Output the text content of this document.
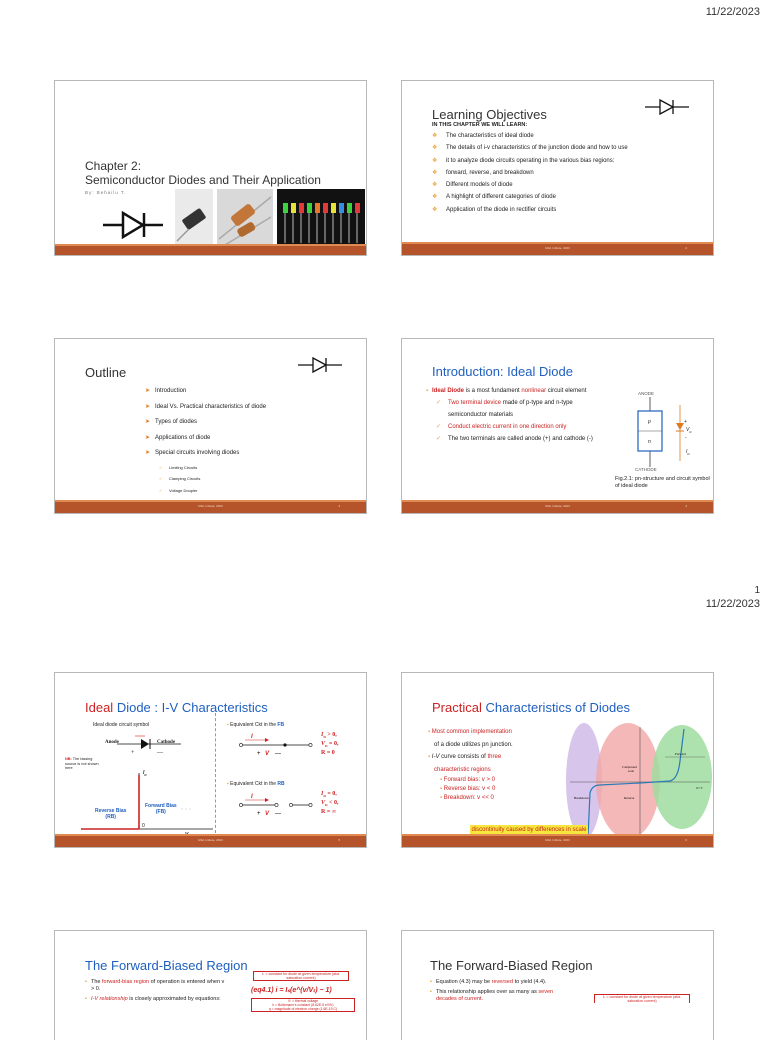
11/22/2023
1
11/22/2023
Chapter 2:
Semiconductor Diodes and Their Application
By: Behailu T.
Learning Objectives
IN THIS CHAPTER WE WILL LEARN:
❖ The characteristics of ideal diode
❖ The details of i-v characteristics of the junction diode and how to use
❖ it to analyze diode circuits operating in the various bias regions:
❖ forward, reverse, and breakdown
❖ Different models of diode
❖ A highlight of different categories of diode
❖ Application of the diode in rectifier circuits
Mtsl, Intitute, 2023	2
Outline
➤ Introduction
➤ Ideal Vs. Practical characteristics of diode
➤ Types of diodes
➤ Applications of diode
➤ Special circuits involving diodes
✓ Limiting Circuits
✓ Clamping Circuits
✓ Voltage Doupler
Mtsl, Intitute, 2023	3
Introduction: Ideal Diode
▪ Ideal Diode is a most fundament nonlinear circuit element
✓ Two terminal device made of p-type and n-type semiconductor materials
✓ Conduct electric current in one direction only
✓ The two terminals are called anode (+) and cathode (-)
ANODE
CATHODE
p
n
+
$V_D$
-
$I_D$
Fig.2.1: pn-structure and circuit symbol of ideal diode
Mtsl, Intitute, 2023	4
Ideal Diode : I-V Characteristics
Ideal diode circuit symbol
Anode	Cathode
+	—
NB: The biasing source is not shown here
$I_D$
0
Reverse Bias
(RB)
Forward Bias
(FB)
▪ Equivalent Ckt in the FB
I
+ V —
$I_D > 0$,
$V_D = 0$,
R = 0
▪ Equivalent Ckt in the RB
I
+ V —
$I_D = 0$,
$V_D < 0$,
R = ∞
Mtsl, Intitute, 2023	5
Practical Characteristics of Diodes
▪ Most common implementation
of a diode utilizes pn junction.
▪ I-V curve consists of three
characteristic regions
▪ Forward bias: v > 0
▪ Reverse bias: v < 0
▪ Breakdown: v << 0
Forward
Reverse
Breakdown
Compressed
scale
0.7 V
discontinuity caused by differences in scale
Mtsl, Intitute, 2023	6
The Forward-Biased Region
▪ The forward-bias region of operation is entered when v > 0.
▪ I-V relationship is closely approximated by equations:
Iₛ = constant for diode at given temperature (aka. saturation current)
(eq4.1) i = Iₛ(e^(v/Vₜ) − 1)
Vₜ = thermal voltage
k = Boltzmann's constant (8.62E-5 eV/K)
q = magnitude of electron charge (1.6E-19 C)
The Forward-Biased Region
▪ Equation (4.3) may be reversed to yield (4.4).
▪ This relationship applies over as many as seven decades of current.	Iₛ = constant for diode at given temperature (aka. saturation current)
